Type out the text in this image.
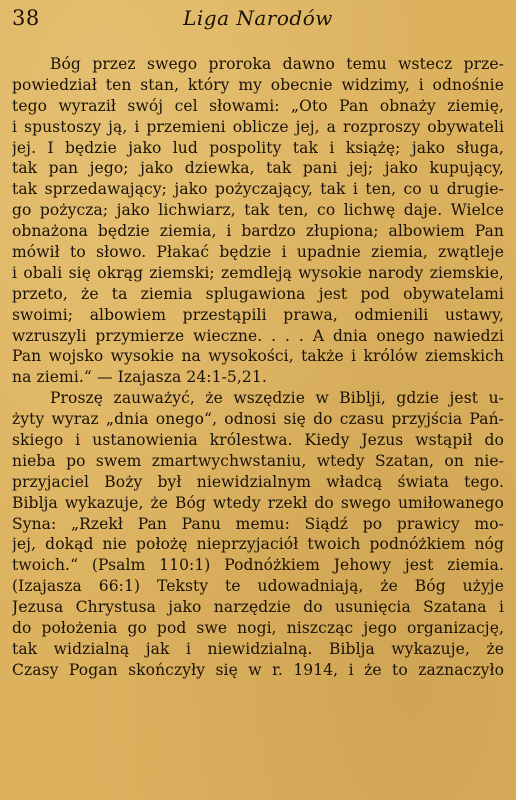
38	Liga Narodów
Bóg przez swego proroka dawno temu wstecz prze-
powiedział ten stan, który my obecnie widzimy, i odnośnie
tego wyraził swój cel słowami: „Oto Pan obnaży ziemię,
i spustoszy ją, i przemieni oblicze jej, a rozproszy obywateli
jej. I będzie jako lud pospolity tak i książę; jako sługa,
tak pan jego; jako dziewka, tak pani jej; jako kupujący,
tak sprzedawający; jako pożyczający, tak i ten, co u drugie-
go pożycza; jako lichwiarz, tak ten, co lichwę daje. Wielce
obnażona będzie ziemia, i bardzo złupiona; albowiem Pan
mówił to słowo. Płakać będzie i upadnie ziemia, zwątleje
i obali się okrąg ziemski; zemdleją wysokie narody ziemskie,
przeto, że ta ziemia splugawiona jest pod obywatelami
swoimi; albowiem przestąpili prawa, odmienili ustawy,
wzruszyli przymierze wieczne. . . . A dnia onego nawiedzi
Pan wojsko wysokie na wysokości, także i królów ziemskich
na ziemi.“ — Izajasza 24:1-5,21.
Proszę zauważyć, że wszędzie w Biblji, gdzie jest u-
żyty wyraz „dnia onego“, odnosi się do czasu przyjścia Pań-
skiego i ustanowienia królestwa. Kiedy Jezus wstąpił do
nieba po swem zmartwychwstaniu, wtedy Szatan, on nie-
przyjaciel Boży był niewidzialnym władcą świata tego.
Biblja wykazuje, że Bóg wtedy rzekł do swego umiłowanego
Syna: „Rzekł Pan Panu memu: Siądź po prawicy mo-
jej, dokąd nie położę nieprzyjaciół twoich podnóżkiem nóg
twoich.“ (Psalm 110:1) Podnóżkiem Jehowy jest ziemia.
(Izajasza 66:1) Teksty te udowadniają, że Bóg użyje
Jezusa Chrystusa jako narzędzie do usunięcia Szatana i
do położenia go pod swe nogi, niszcząc jego organizację,
tak widzialną jak i niewidzialną. Biblja wykazuje, że
Czasy Pogan skończyły się w r. 1914, i że to zaznaczyło
